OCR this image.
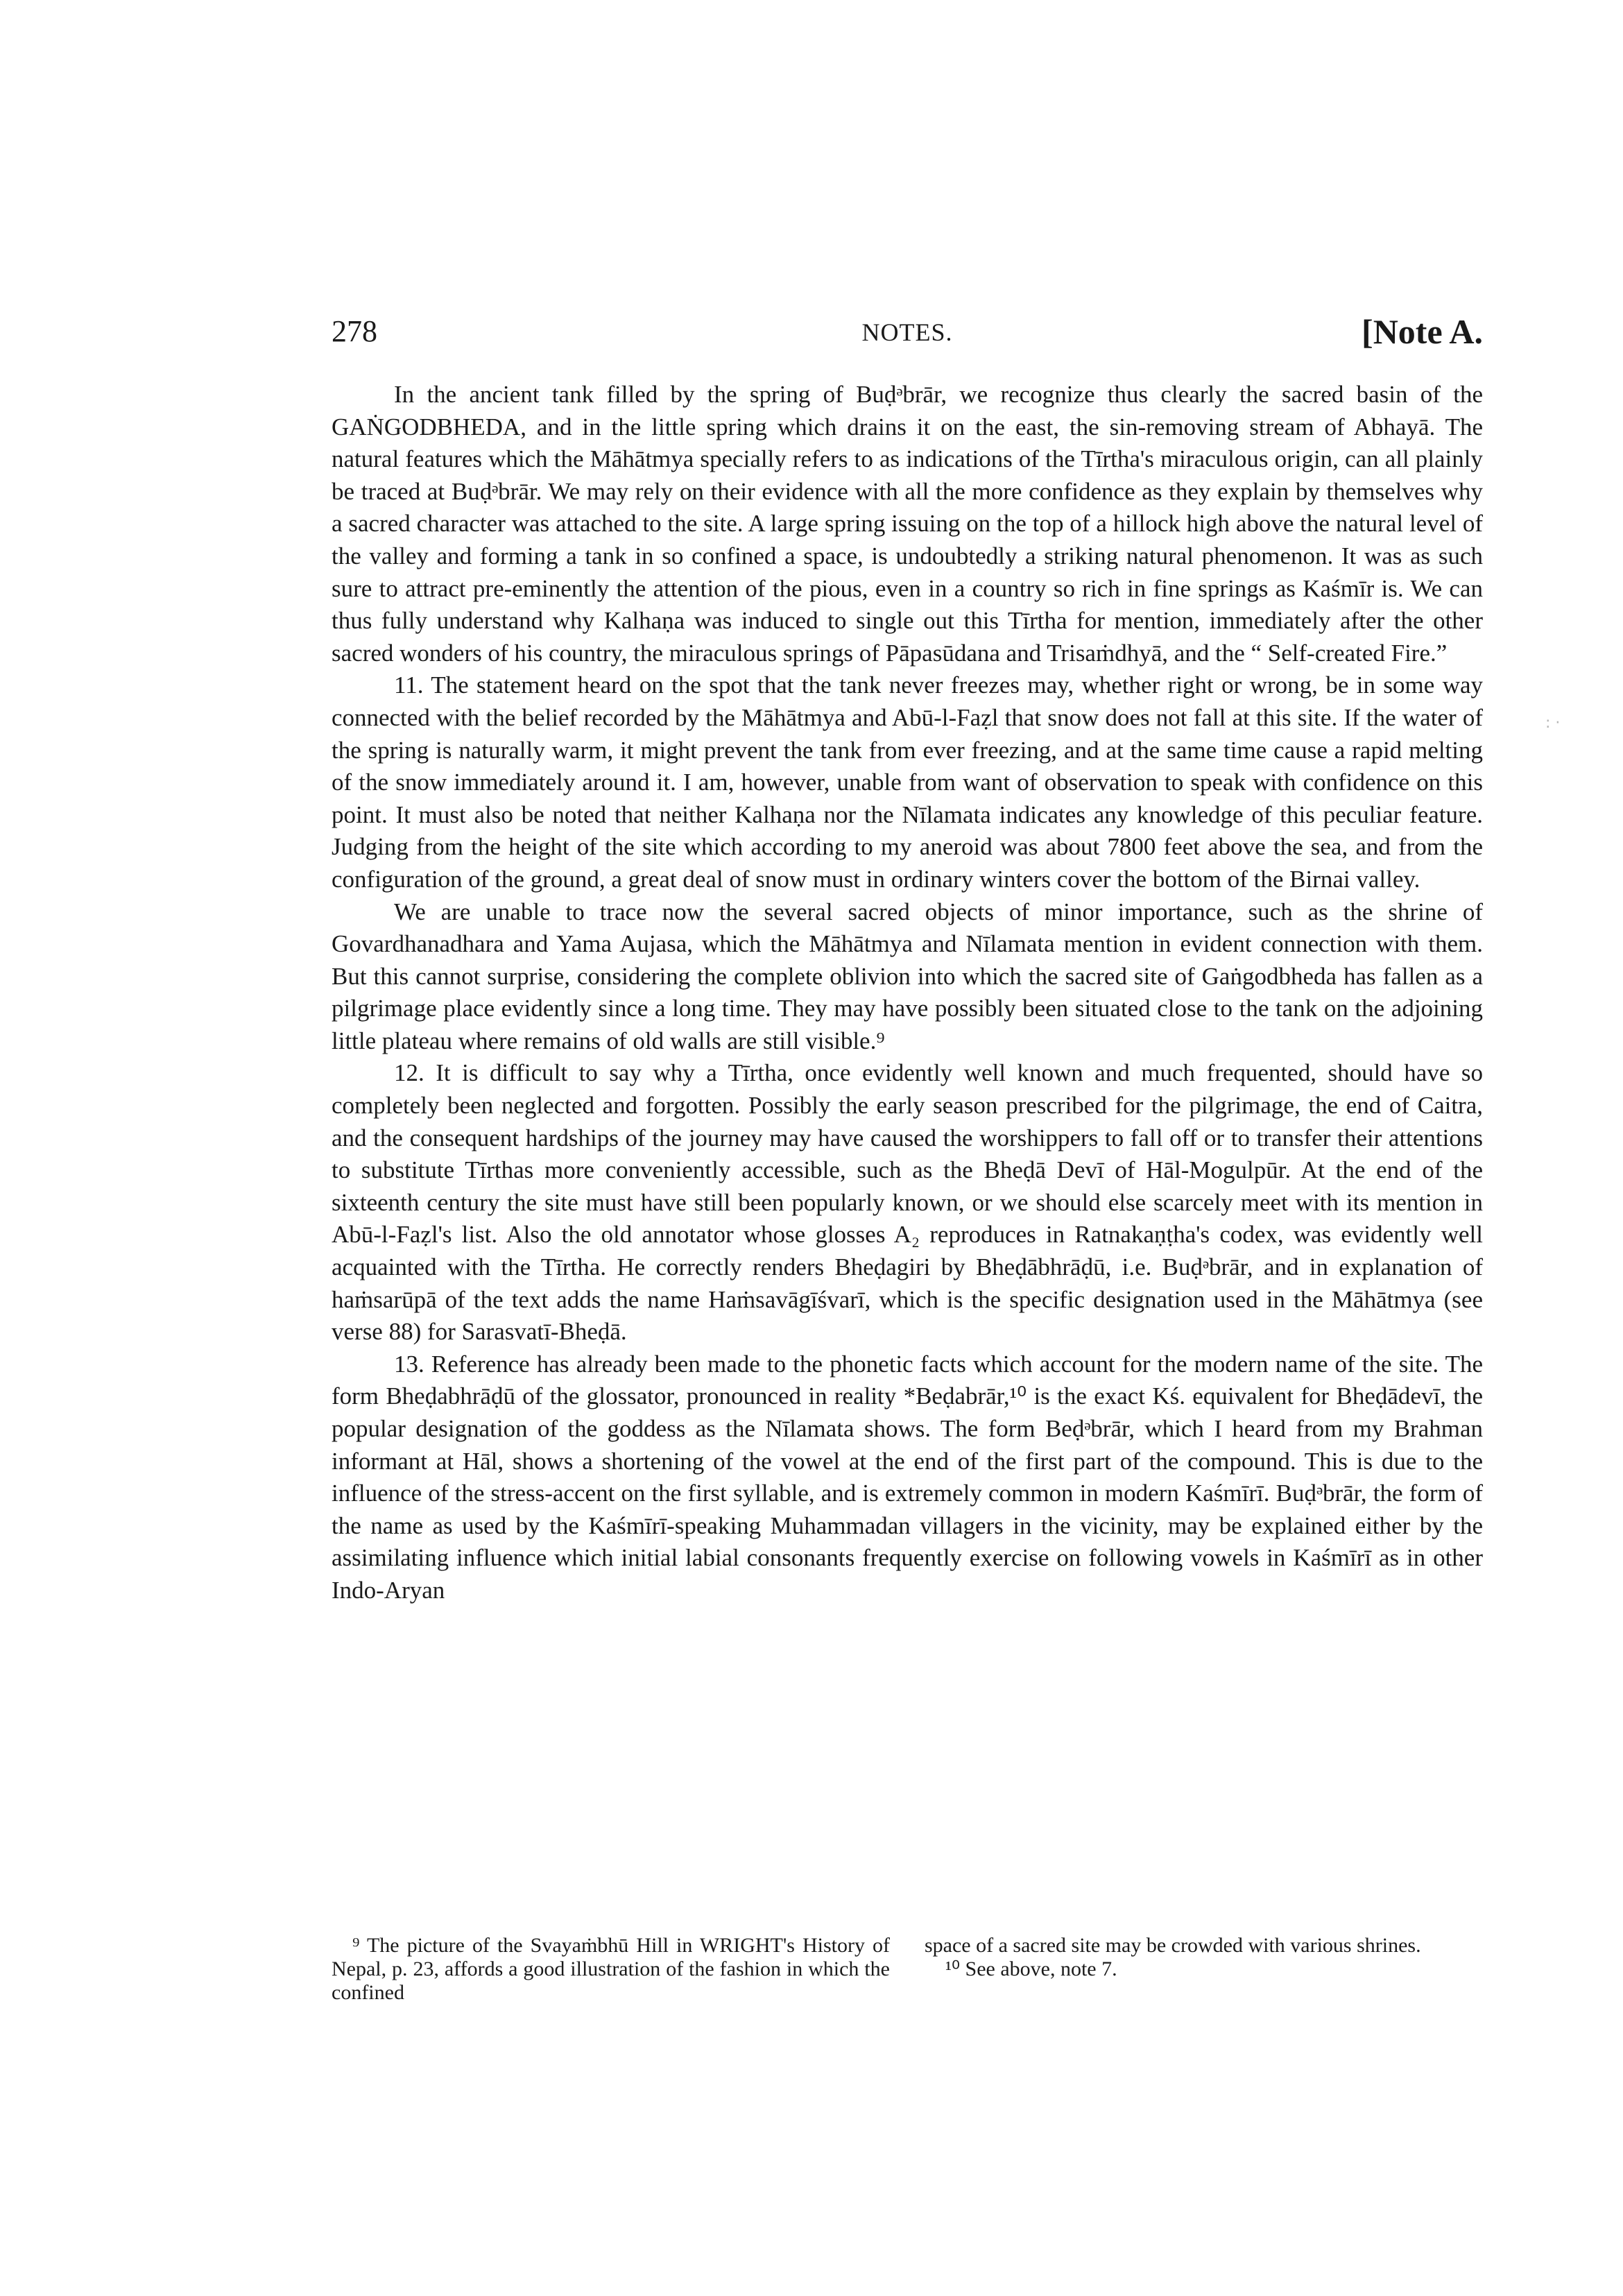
278	NOTES.	[Note A.

In the ancient tank filled by the spring of Buḍᵊbrār, we recognize thus clearly the sacred basin of the GAṄGODBHEDA, and in the little spring which drains it on the east, the sin-removing stream of Abhayā. The natural features which the Māhātmya specially refers to as indications of the Tīrtha's miraculous origin, can all plainly be traced at Buḍᵊbrār. We may rely on their evidence with all the more confidence as they explain by themselves why a sacred character was attached to the site. A large spring issuing on the top of a hillock high above the natural level of the valley and forming a tank in so confined a space, is undoubtedly a striking natural phenomenon. It was as such sure to attract pre-eminently the attention of the pious, even in a country so rich in fine springs as Kaśmīr is. We can thus fully understand why Kalhaṇa was induced to single out this Tīrtha for mention, immediately after the other sacred wonders of his country, the miraculous springs of Pāpasūdana and Trisaṁdhyā, and the “ Self-created Fire.”

11. The statement heard on the spot that the tank never freezes may, whether right or wrong, be in some way connected with the belief recorded by the Māhātmya and Abū-l-Faẓl that snow does not fall at this site. If the water of the spring is naturally warm, it might prevent the tank from ever freezing, and at the same time cause a rapid melting of the snow immediately around it. I am, however, unable from want of observation to speak with confidence on this point. It must also be noted that neither Kalhaṇa nor the Nīlamata indicates any knowledge of this peculiar feature. Judging from the height of the site which according to my aneroid was about 7800 feet above the sea, and from the configuration of the ground, a great deal of snow must in ordinary winters cover the bottom of the Birnai valley.

We are unable to trace now the several sacred objects of minor importance, such as the shrine of Govardhanadhara and Yama Aujasa, which the Māhātmya and Nīlamata mention in evident connection with them. But this cannot surprise, considering the complete oblivion into which the sacred site of Gaṅgodbheda has fallen as a pilgrimage place evidently since a long time. They may have possibly been situated close to the tank on the adjoining little plateau where remains of old walls are still visible.⁹

12. It is difficult to say why a Tīrtha, once evidently well known and much frequented, should have so completely been neglected and forgotten. Possibly the early season prescribed for the pilgrimage, the end of Caitra, and the consequent hardships of the journey may have caused the worshippers to fall off or to transfer their attentions to substitute Tīrthas more conveniently accessible, such as the Bheḍā Devī of Hāl-Mogulpūr. At the end of the sixteenth century the site must have still been popularly known, or we should else scarcely meet with its mention in Abū-l-Faẓl's list. Also the old annotator whose glosses A₂ reproduces in Ratnakaṇṭha's codex, was evidently well acquainted with the Tīrtha. He correctly renders Bheḍagiri by Bheḍābhrāḍū, i.e. Buḍᵊbrār, and in explanation of haṁsarūpā of the text adds the name Haṁsavāgīśvarī, which is the specific designation used in the Māhātmya (see verse 88) for Sarasvatī-Bheḍā.

13. Reference has already been made to the phonetic facts which account for the modern name of the site. The form Bheḍabhrāḍū of the glossator, pronounced in reality *Beḍabrār,¹⁰ is the exact Kś. equivalent for Bheḍādevī, the popular designation of the goddess as the Nīlamata shows. The form Beḍᵊbrār, which I heard from my Brahman informant at Hāl, shows a shortening of the vowel at the end of the first part of the compound. This is due to the influence of the stress-accent on the first syllable, and is extremely common in modern Kaśmīrī. Buḍᵊbrār, the form of the name as used by the Kaśmīrī-speaking Muhammadan villagers in the vicinity, may be explained either by the assimilating influence which initial labial consonants frequently exercise on following vowels in Kaśmīrī as in other Indo-Aryan

⁹ The picture of the Svayaṁbhū Hill in WRIGHT's History of Nepal, p. 23, affords a good illustration of the fashion in which the confined

space of a sacred site may be crowded with various shrines.

¹⁰ See above, note 7.

: ·
